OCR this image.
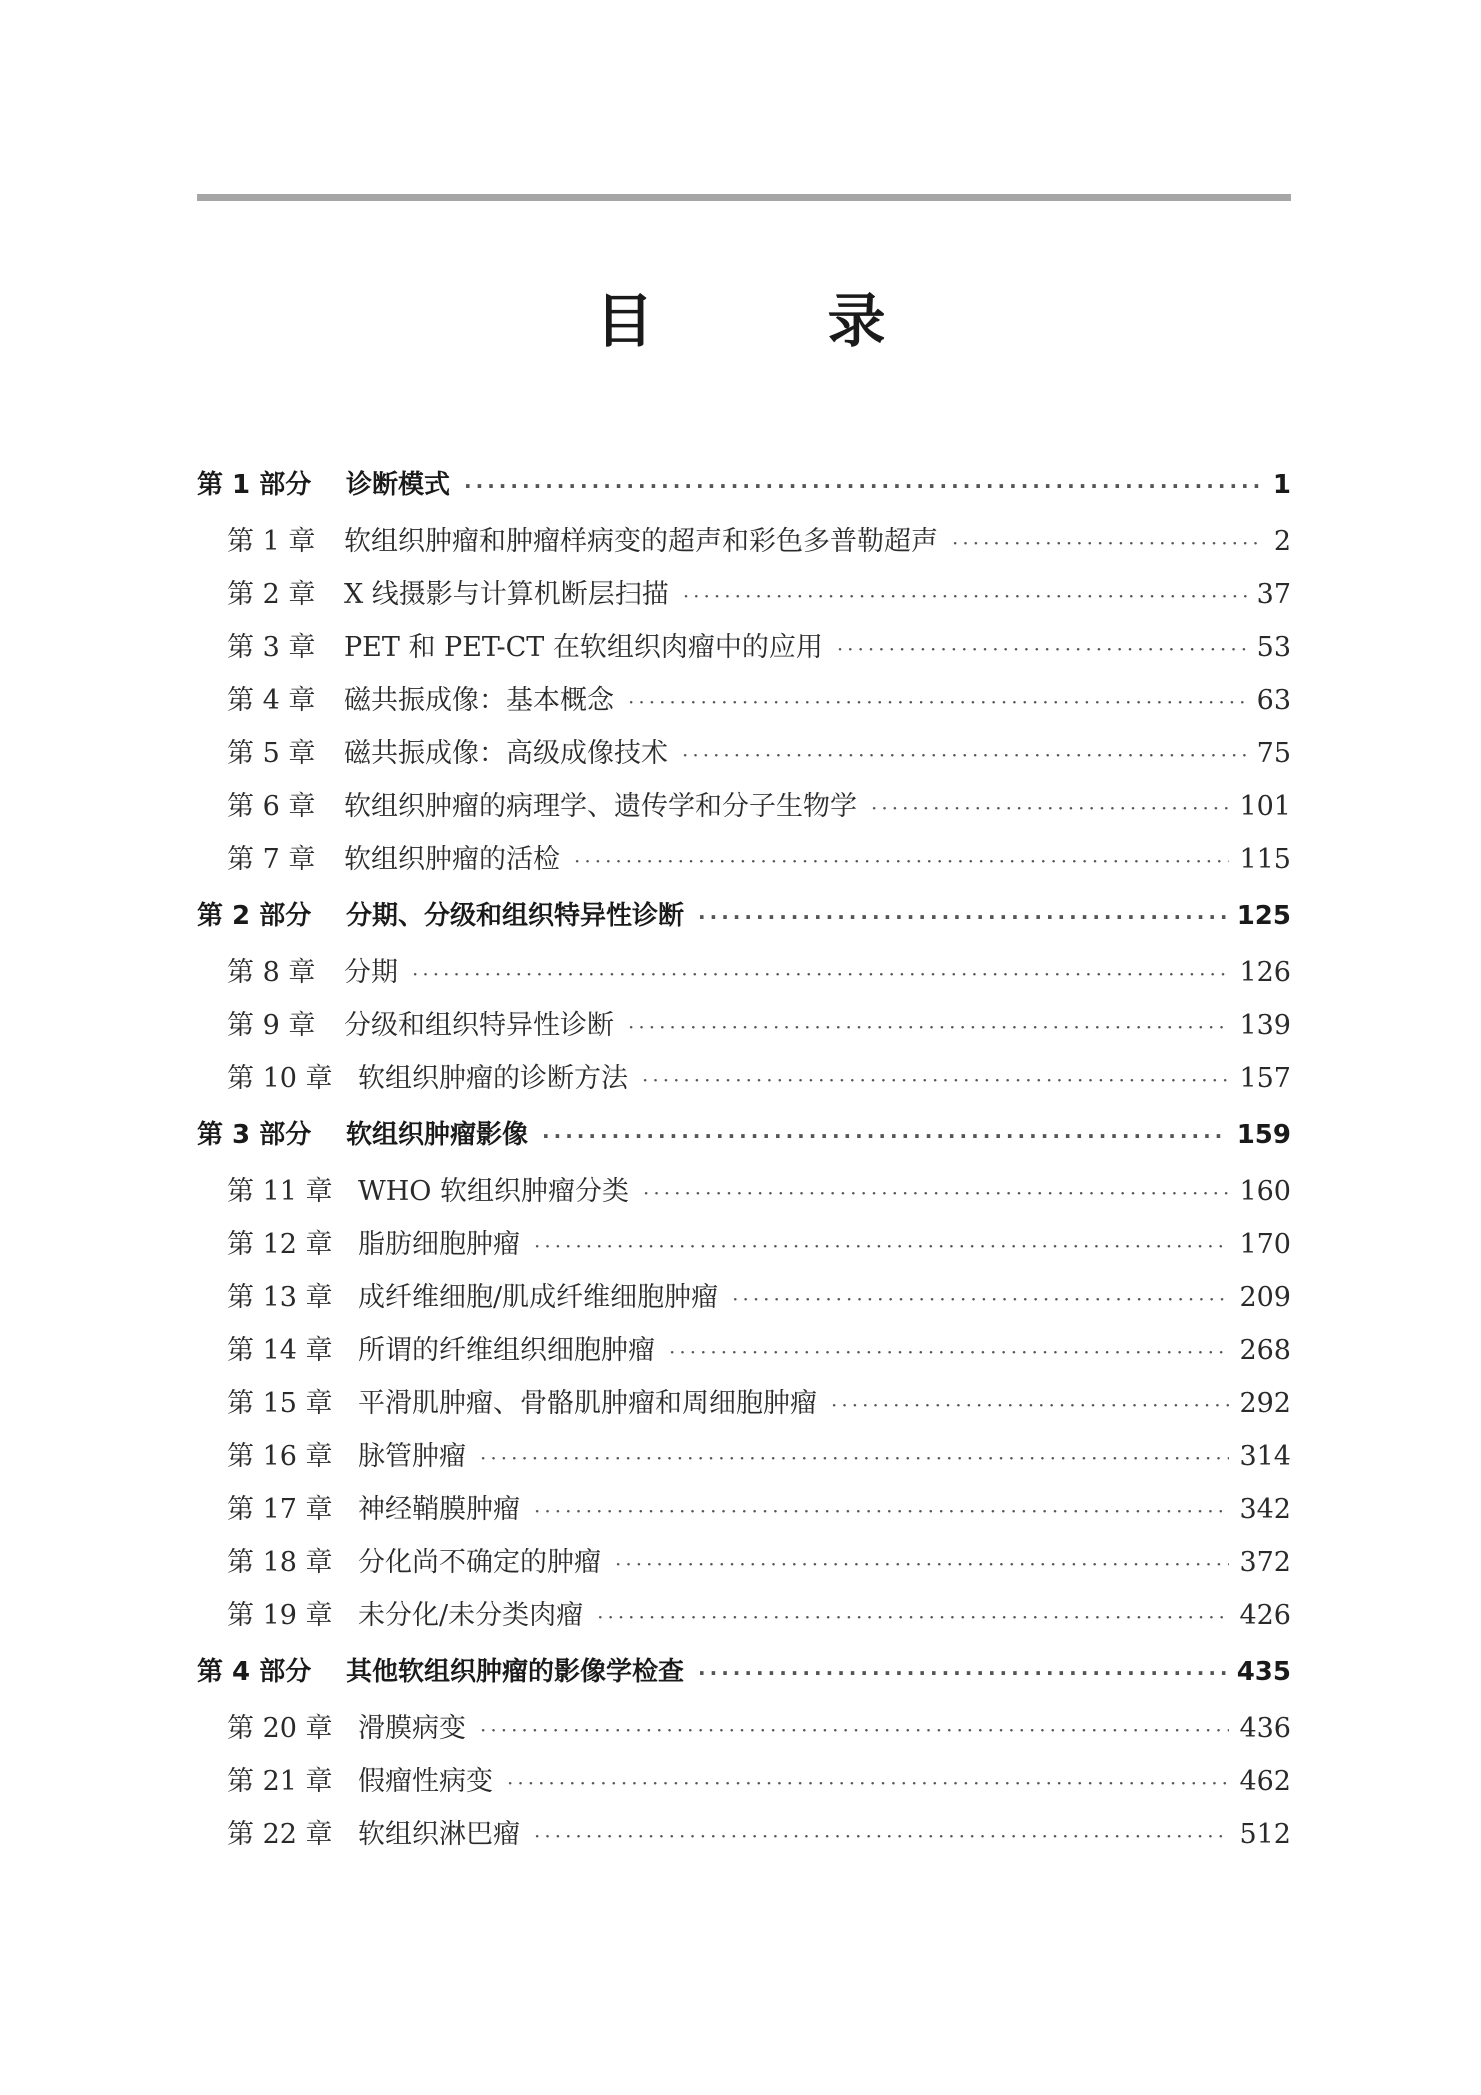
目　录
第 1 部分	诊断模式 ·····	1
第 1 章	软组织肿瘤和肿瘤样病变的超声和彩色多普勒超声 ·····	2
第 2 章	X 线摄影与计算机断层扫描 ·····	37
第 3 章	PET 和 PET-CT 在软组织肉瘤中的应用 ·····	53
第 4 章	磁共振成像：基本概念 ·····	63
第 5 章	磁共振成像：高级成像技术 ·····	75
第 6 章	软组织肿瘤的病理学、遗传学和分子生物学 ·····	101
第 7 章	软组织肿瘤的活检 ·····	115
第 2 部分	分期、分级和组织特异性诊断 ·····	125
第 8 章	分期 ·····	126
第 9 章	分级和组织特异性诊断 ·····	139
第 10 章 软组织肿瘤的诊断方法 ·····	157
第 3 部分	软组织肿瘤影像 ·····	159
第 11 章 WHO 软组织肿瘤分类 ·····	160
第 12 章 脂肪细胞肿瘤 ·····	170
第 13 章 成纤维细胞/肌成纤维细胞肿瘤 ·····	209
第 14 章 所谓的纤维组织细胞肿瘤 ·····	268
第 15 章 平滑肌肿瘤、骨骼肌肿瘤和周细胞肿瘤 ·····	292
第 16 章 脉管肿瘤 ·····	314
第 17 章 神经鞘膜肿瘤 ·····	342
第 18 章 分化尚不确定的肿瘤 ·····	372
第 19 章 未分化/未分类肉瘤 ·····	426
第 4 部分	其他软组织肿瘤的影像学检查 ·····	435
第 20 章 滑膜病变 ·····	436
第 21 章 假瘤性病变 ·····	462
第 22 章 软组织淋巴瘤 ·····	512
